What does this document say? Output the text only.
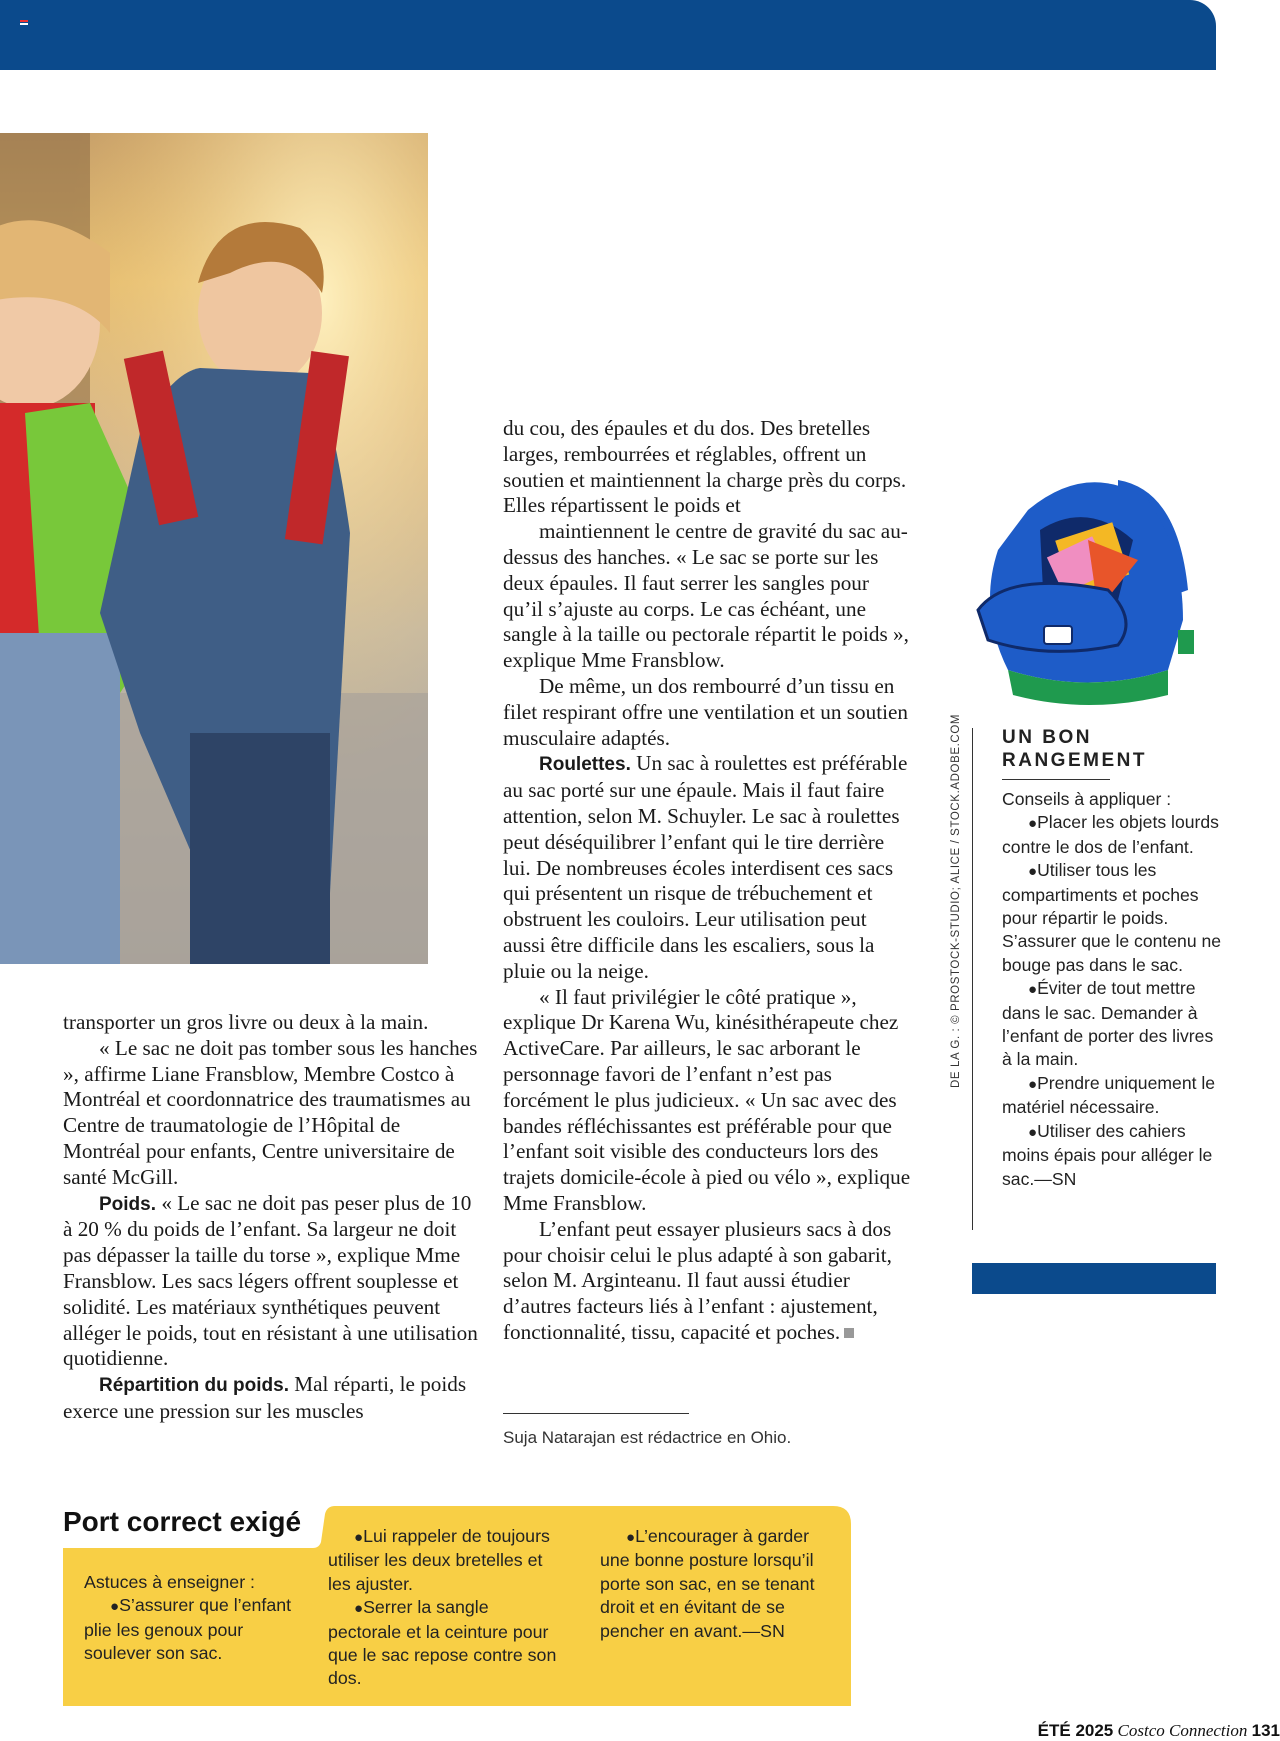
transporter un gros livre ou deux à la main.

« Le sac ne doit pas tomber sous les hanches », affirme Liane Fransblow, Membre Costco à Montréal et coordonnatrice des traumatismes au Centre de traumatologie de l’Hôpital de Montréal pour enfants, Centre universitaire de santé McGill.

Poids. « Le sac ne doit pas peser plus de 10 à 20 % du poids de l’enfant. Sa largeur ne doit pas dépasser la taille du torse », explique Mme Fransblow. Les sacs légers offrent souplesse et solidité. Les matériaux synthétiques peuvent alléger le poids, tout en résistant à une utilisation quotidienne.

Répartition du poids. Mal réparti, le poids exerce une pression sur les muscles

du cou, des épaules et du dos. Des bretelles larges, rembourrées et réglables, offrent un soutien et maintiennent la charge près du corps. Elles répartissent le poids et

maintiennent le centre de gravité du sac au-dessus des hanches. « Le sac se porte sur les deux épaules. Il faut serrer les sangles pour qu’il s’ajuste au corps. Le cas échéant, une sangle à la taille ou pectorale répartit le poids », explique Mme Fransblow.

De même, un dos rembourré d’un tissu en filet respirant offre une ventilation et un soutien musculaire adaptés.

Roulettes. Un sac à roulettes est préférable au sac porté sur une épaule. Mais il faut faire attention, selon M. Schuyler. Le sac à roulettes peut déséquilibrer l’enfant qui le tire derrière lui. De nombreuses écoles interdisent ces sacs qui présentent un risque de trébuchement et obstruent les couloirs. Leur utilisation peut aussi être difficile dans les escaliers, sous la pluie ou la neige.

« Il faut privilégier le côté pratique », explique Dr Karena Wu, kinésithérapeute chez ActiveCare. Par ailleurs, le sac arborant le personnage favori de l’enfant n’est pas forcément le plus judicieux. « Un sac avec des bandes réfléchissantes est préférable pour que l’enfant soit visible des conducteurs lors des trajets domicile-école à pied ou vélo », explique Mme Fransblow.

L’enfant peut essayer plusieurs sacs à dos pour choisir celui le plus adapté à son gabarit, selon M. Arginteanu. Il faut aussi étudier d’autres facteurs liés à l’enfant : ajustement, fonctionnalité, tissu, capacité et poches.

Suja Natarajan est rédactrice en Ohio.
DE LA G. : © PROSTOCK-STUDIO; ALICE / STOCK.ADOBE.COM UN BON
RANGEMENT

Conseils à appliquer :

●Placer les objets lourds contre le dos de l’enfant.

●Utiliser tous les compartiments et poches pour répartir le poids. S’assurer que le contenu ne bouge pas dans le sac.

●Éviter de tout mettre dans le sac. Demander à l’enfant de porter des livres à la main.

●Prendre uniquement le matériel nécessaire.

●Utiliser des cahiers moins épais pour alléger le sac.—SN

Port correct exigé

Astuces à enseigner :

●S’assurer que l’enfant plie les genoux pour soulever son sac.

●Lui rappeler de toujours utiliser les deux bretelles et les ajuster.

●Serrer la sangle pectorale et la ceinture pour que le sac repose contre son dos.

●L’encourager à garder une bonne posture lorsqu’il porte son sac, en se tenant droit et en évitant de se pencher en avant.—SN

ÉTÉ 2025 Costco Connection 131
